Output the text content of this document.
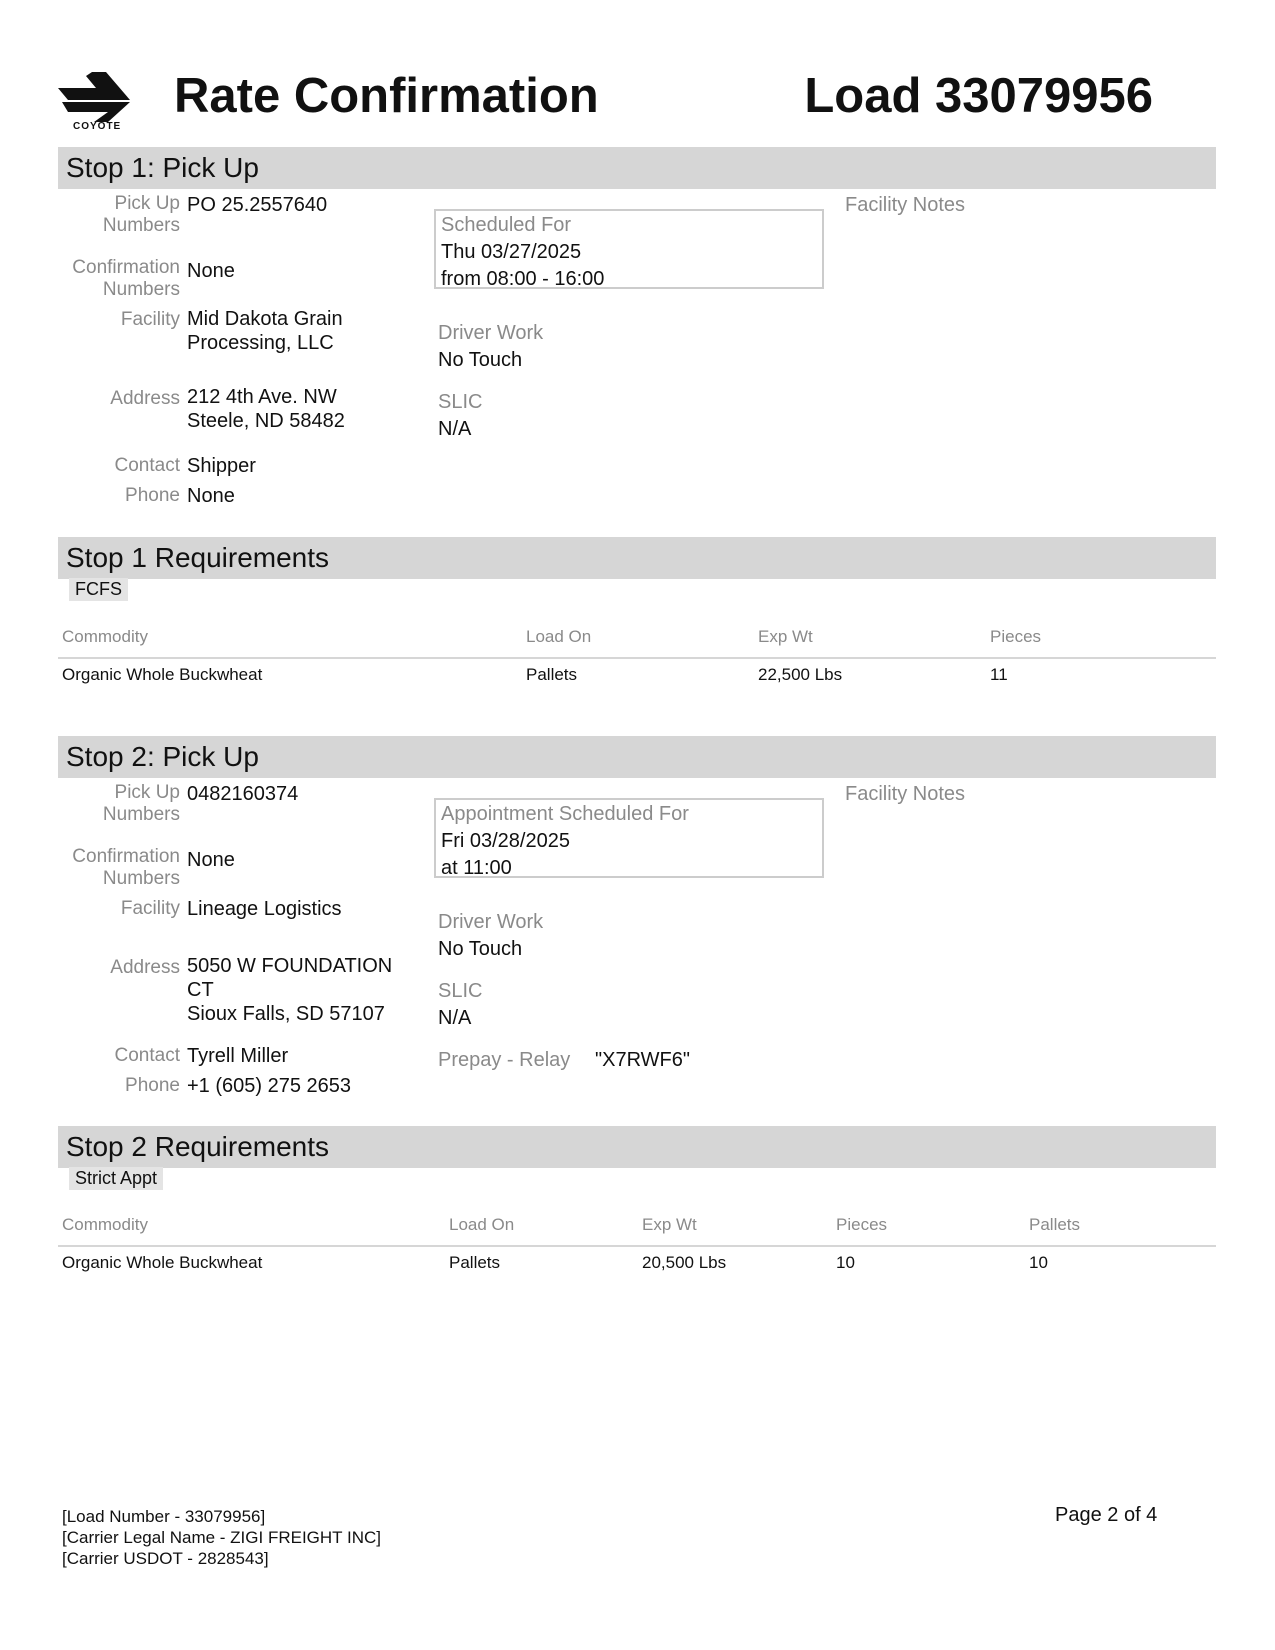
COYOTE
Rate Confirmation	Load 33079956
Stop 1: Pick Up
Pick Up
Numbers
PO 25.2557640
Confirmation
Numbers
None
Facility Mid Dakota Grain
Processing, LLC
Address 212 4th Ave. NW
Steele, ND 58482
Contact Shipper
Phone None
Scheduled For
Thu 03/27/2025
from 08:00 - 16:00
Driver Work
No Touch
SLIC
N/A
Facility Notes
Stop 1 Requirements
FCFS
Commodity	Load On	Exp Wt	Pieces
Organic Whole Buckwheat	Pallets	22,500 Lbs	11
Stop 2: Pick Up
Pick Up
Numbers
0482160374
Confirmation
Numbers
None
Facility Lineage Logistics
Address 5050 W FOUNDATION
CT
Sioux Falls, SD 57107
Contact Tyrell Miller
Phone +1 (605) 275 2653
Appointment Scheduled For
Fri 03/28/2025
at 11:00
Driver Work
No Touch
SLIC
N/A
Prepay - Relay "X7RWF6"
Facility Notes
Stop 2 Requirements
Strict Appt
Commodity	Load On	Exp Wt	Pieces	Pallets
Organic Whole Buckwheat	Pallets	20,500 Lbs	10	10
[Load Number - 33079956]
[Carrier Legal Name - ZIGI FREIGHT INC]
[Carrier USDOT - 2828543]
Page 2 of 4
